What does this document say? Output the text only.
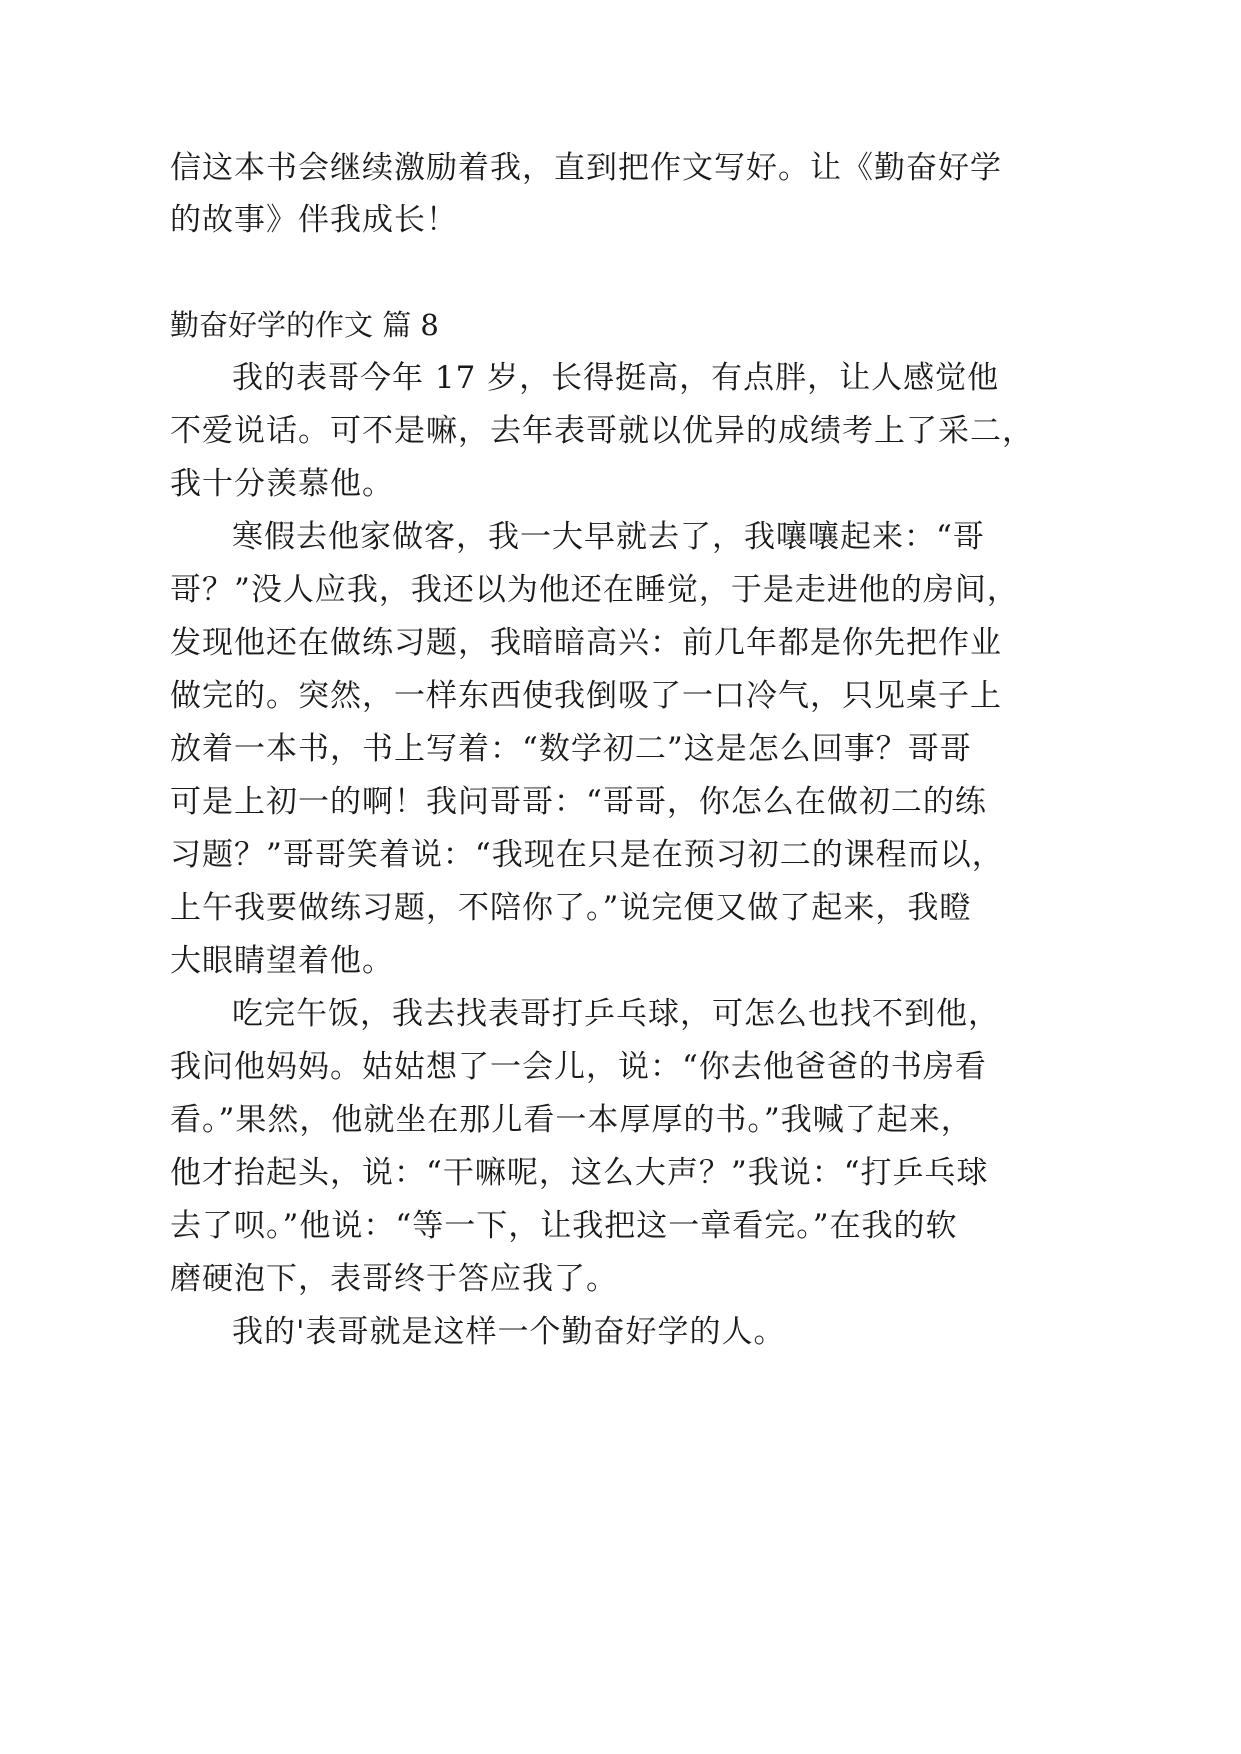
信这本书会继续激励着我，直到把作文写好。让《勤奋好学
的故事》伴我成长！
勤奋好学的作文 篇 8
我的表哥今年 17 岁，长得挺高，有点胖，让人感觉他
不爱说话。可不是嘛，去年表哥就以优异的成绩考上了采二，
我十分羡慕他。
寒假去他家做客，我一大早就去了，我嚷嚷起来：“哥
哥？”没人应我，我还以为他还在睡觉，于是走进他的房间，
发现他还在做练习题，我暗暗高兴：前几年都是你先把作业
做完的。突然，一样东西使我倒吸了一口冷气，只见桌子上
放着一本书，书上写着：“数学初二”这是怎么回事？哥哥
可是上初一的啊！我问哥哥：“哥哥，你怎么在做初二的练
习题？”哥哥笑着说：“我现在只是在预习初二的课程而以，
上午我要做练习题，不陪你了。”说完便又做了起来，我瞪
大眼睛望着他。
吃完午饭，我去找表哥打乒乓球，可怎么也找不到他，
我问他妈妈。姑姑想了一会儿，说：“你去他爸爸的书房看
看。”果然，他就坐在那儿看一本厚厚的书。”我喊了起来，
他才抬起头，说：“干嘛呢，这么大声？”我说：“打乒乓球
去了呗。”他说：“等一下，让我把这一章看完。”在我的软
磨硬泡下，表哥终于答应我了。
我的'表哥就是这样一个勤奋好学的人。
